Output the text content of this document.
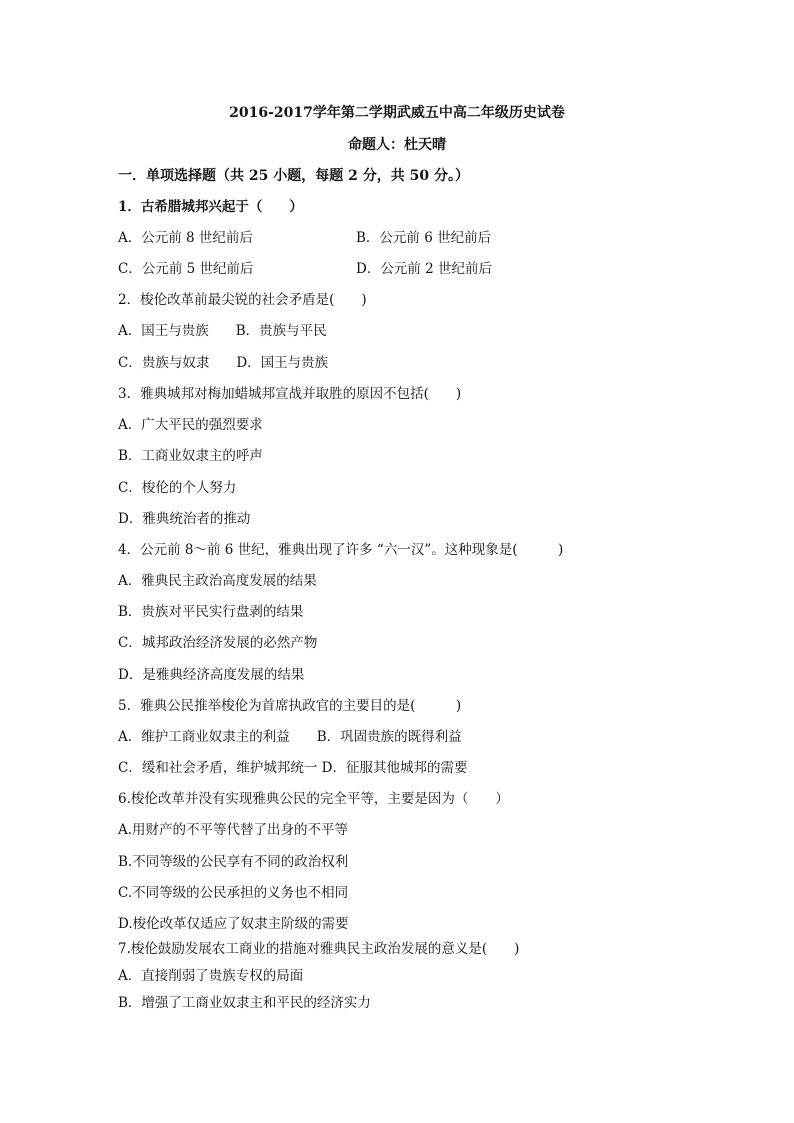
2016-2017学年第二学期武威五中高二年级历史试卷
命题人：杜天晴
一．单项选择题（共 25 小题，每题 2 分，共 50 分。）
1．古希腊城邦兴起于（　　）
A．公元前 8 世纪前后	B．公元前 6 世纪前后
C．公元前 5 世纪前后	D．公元前 2 世纪前后
2．梭伦改革前最尖锐的社会矛盾是(　　)
A．国王与贵族　　B．贵族与平民
C．贵族与奴隶　　D．国王与贵族
3．雅典城邦对梅加蜡城邦宣战并取胜的原因不包括(　　)
A．广大平民的强烈要求
B．工商业奴隶主的呼声
C．梭伦的个人努力
D．雅典统治者的推动
4．公元前 8～前 6 世纪，雅典出现了许多 “六一汉”。这种现象是(　　　)
A．雅典民主政治高度发展的结果
B．贵族对平民实行盘剥的结果
C．城邦政治经济发展的必然产物
D．是雅典经济高度发展的结果
5．雅典公民推举梭伦为首席执政官的主要目的是(　　　)
A．维护工商业奴隶主的利益　　B．巩固贵族的既得利益
C．缓和社会矛盾，维护城邦统一 D．征服其他城邦的需要
6.梭伦改革并没有实现雅典公民的完全平等，主要是因为（　　）
A.用财产的不平等代替了出身的不平等
B.不同等级的公民享有不同的政治权利
C.不同等级的公民承担的义务也不相同
D.梭伦改革仅适应了奴隶主阶级的需要
7.梭伦鼓励发展农工商业的措施对雅典民主政治发展的意义是(　　)
A．直接削弱了贵族专权的局面
B．增强了工商业奴隶主和平民的经济实力
